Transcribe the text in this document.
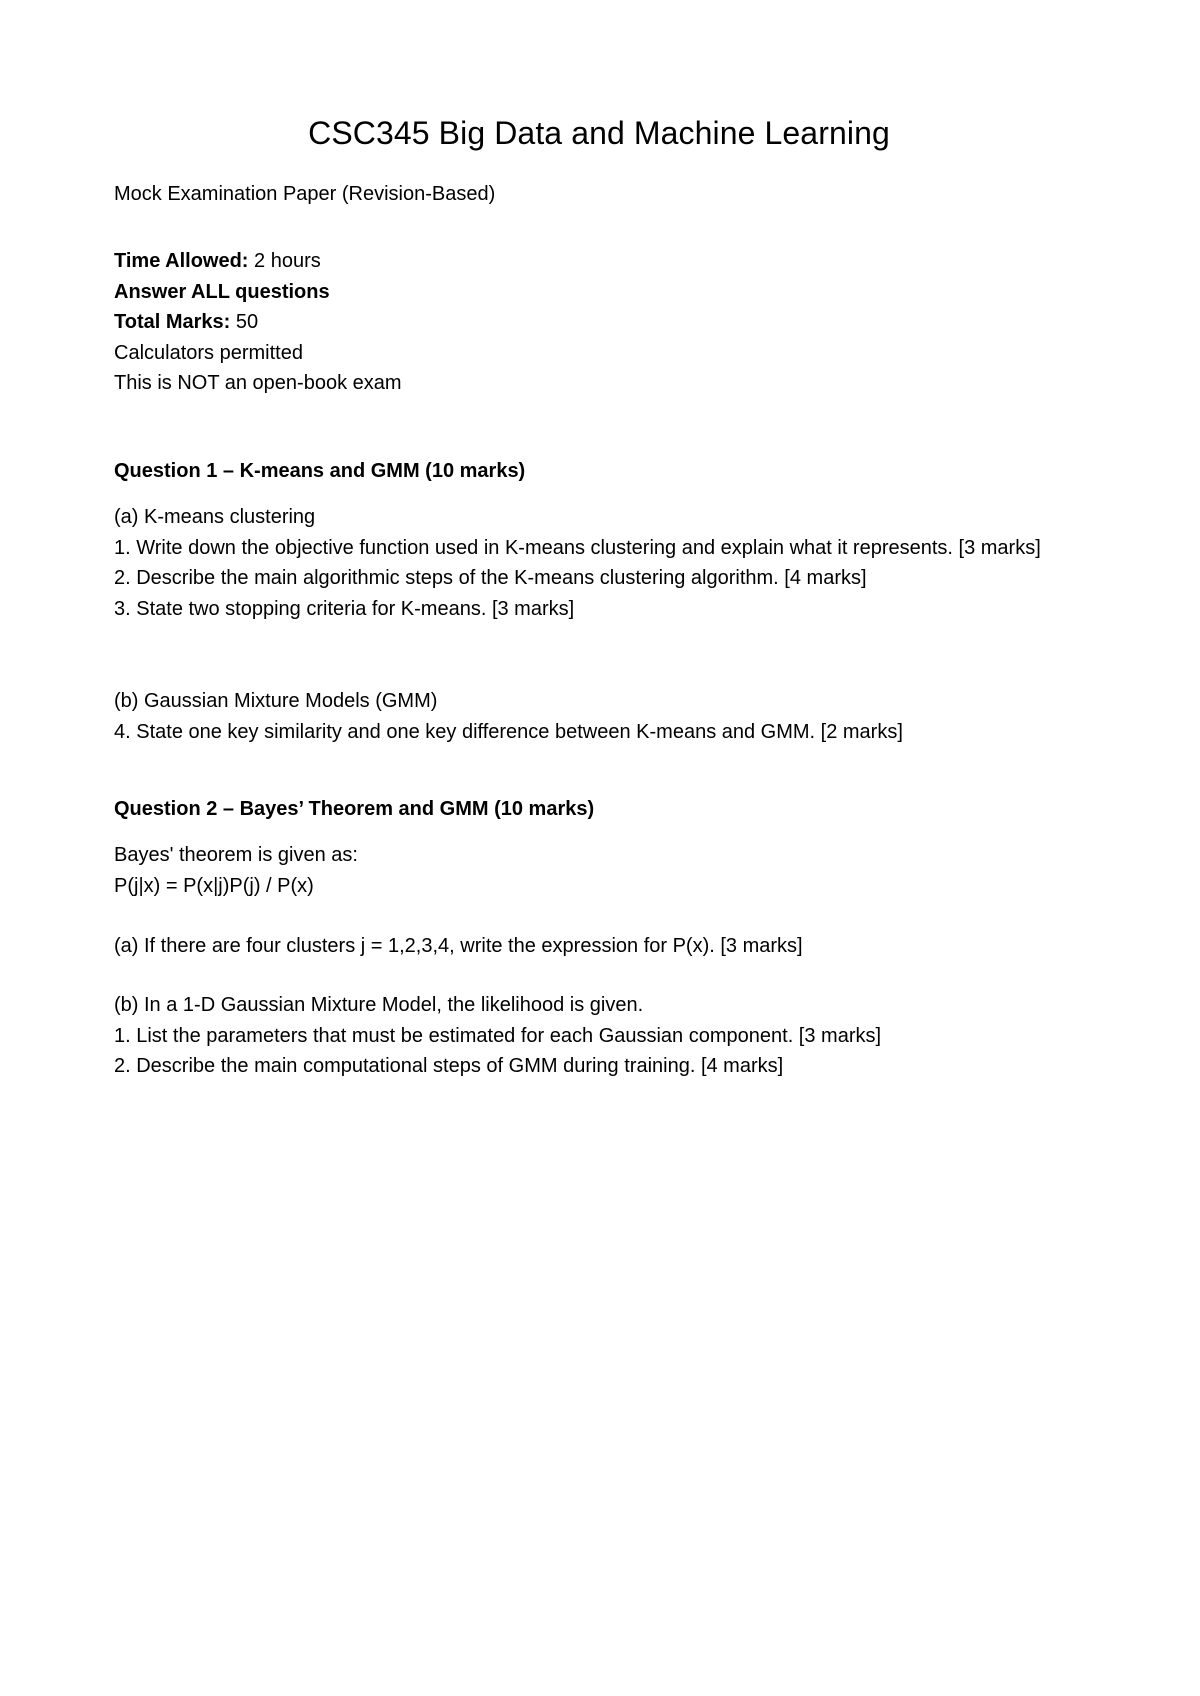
CSC345 Big Data and Machine Learning

Mock Examination Paper (Revision-Based)

Time Allowed: 2 hours

Answer ALL questions

Total Marks: 50

Calculators permitted

This is NOT an open-book exam

Question 1 – K-means and GMM (10 marks)

(a) K-means clustering

1. Write down the objective function used in K-means clustering and explain what it represents. [3 marks]

2. Describe the main algorithmic steps of the K-means clustering algorithm. [4 marks]

3. State two stopping criteria for K-means. [3 marks]

(b) Gaussian Mixture Models (GMM)

4. State one key similarity and one key difference between K-means and GMM. [2 marks]

Question 2 – Bayes’ Theorem and GMM (10 marks)

Bayes' theorem is given as:

P(j|x) = P(x|j)P(j) / P(x)

(a) If there are four clusters j = 1,2,3,4, write the expression for P(x). [3 marks]

(b) In a 1-D Gaussian Mixture Model, the likelihood is given.

1. List the parameters that must be estimated for each Gaussian component. [3 marks]

2. Describe the main computational steps of GMM during training. [4 marks]
